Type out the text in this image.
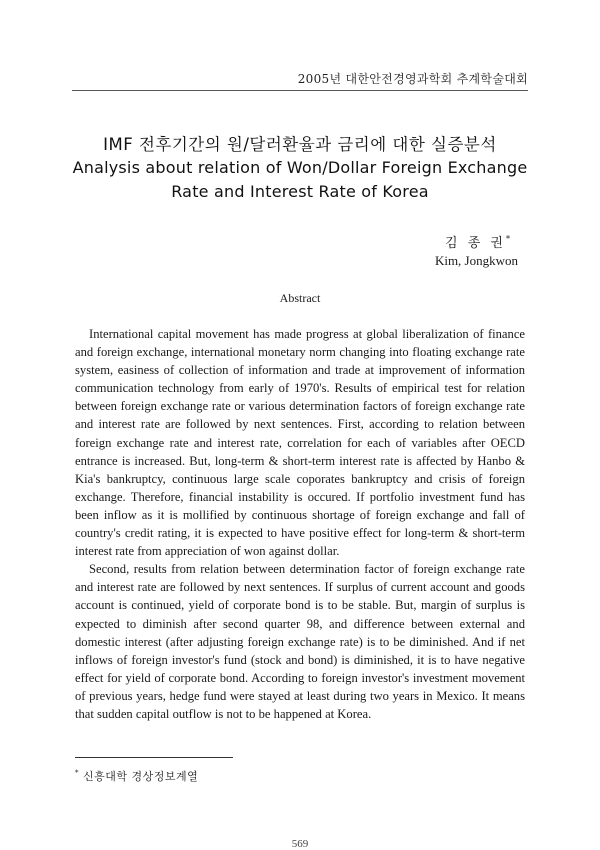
2005년 대한안전경영과학회 추계학술대회

IMF 전후기간의 원/달러환율과 금리에 대한 실증분석

Analysis about relation of Won/Dollar Foreign Exchange

Rate and Interest Rate of Korea

김 종 권*
Kim, Jongkwon
Abstract

International capital movement has made progress at global liberalization of finance and foreign exchange, international monetary norm changing into floating exchange rate system, easiness of collection of information and trade at improvement of information communication technology from early of 1970's. Results of empirical test for relation between foreign exchange rate or various determination factors of foreign exchange rate and interest rate are followed by next sentences. First, according to relation between foreign exchange rate and interest rate, correlation for each of variables after OECD entrance is increased. But, long-term & short-term interest rate is affected by Hanbo & Kia's bankruptcy, continuous large scale coporates bankruptcy and crisis of foreign exchange. Therefore, financial instability is occured. If portfolio investment fund has been inflow as it is mollified by continuous shortage of foreign exchange and fall of country's credit rating, it is expected to have positive effect for long-term & short-term interest rate from appreciation of won against dollar.

Second, results from relation between determination factor of foreign exchange rate and interest rate are followed by next sentences. If surplus of current account and goods account is continued, yield of corporate bond is to be stable. But, margin of surplus is expected to diminish after second quarter 98, and difference between external and domestic interest (after adjusting foreign exchange rate) is to be diminished. And if net inflows of foreign investor's fund (stock and bond) is diminished, it is to have negative effect for yield of corporate bond. According to foreign investor's investment movement of previous years, hedge fund were stayed at least during two years in Mexico. It means that sudden capital outflow is not to be happened at Korea.

* 신흥대학 경상정보계열
569
